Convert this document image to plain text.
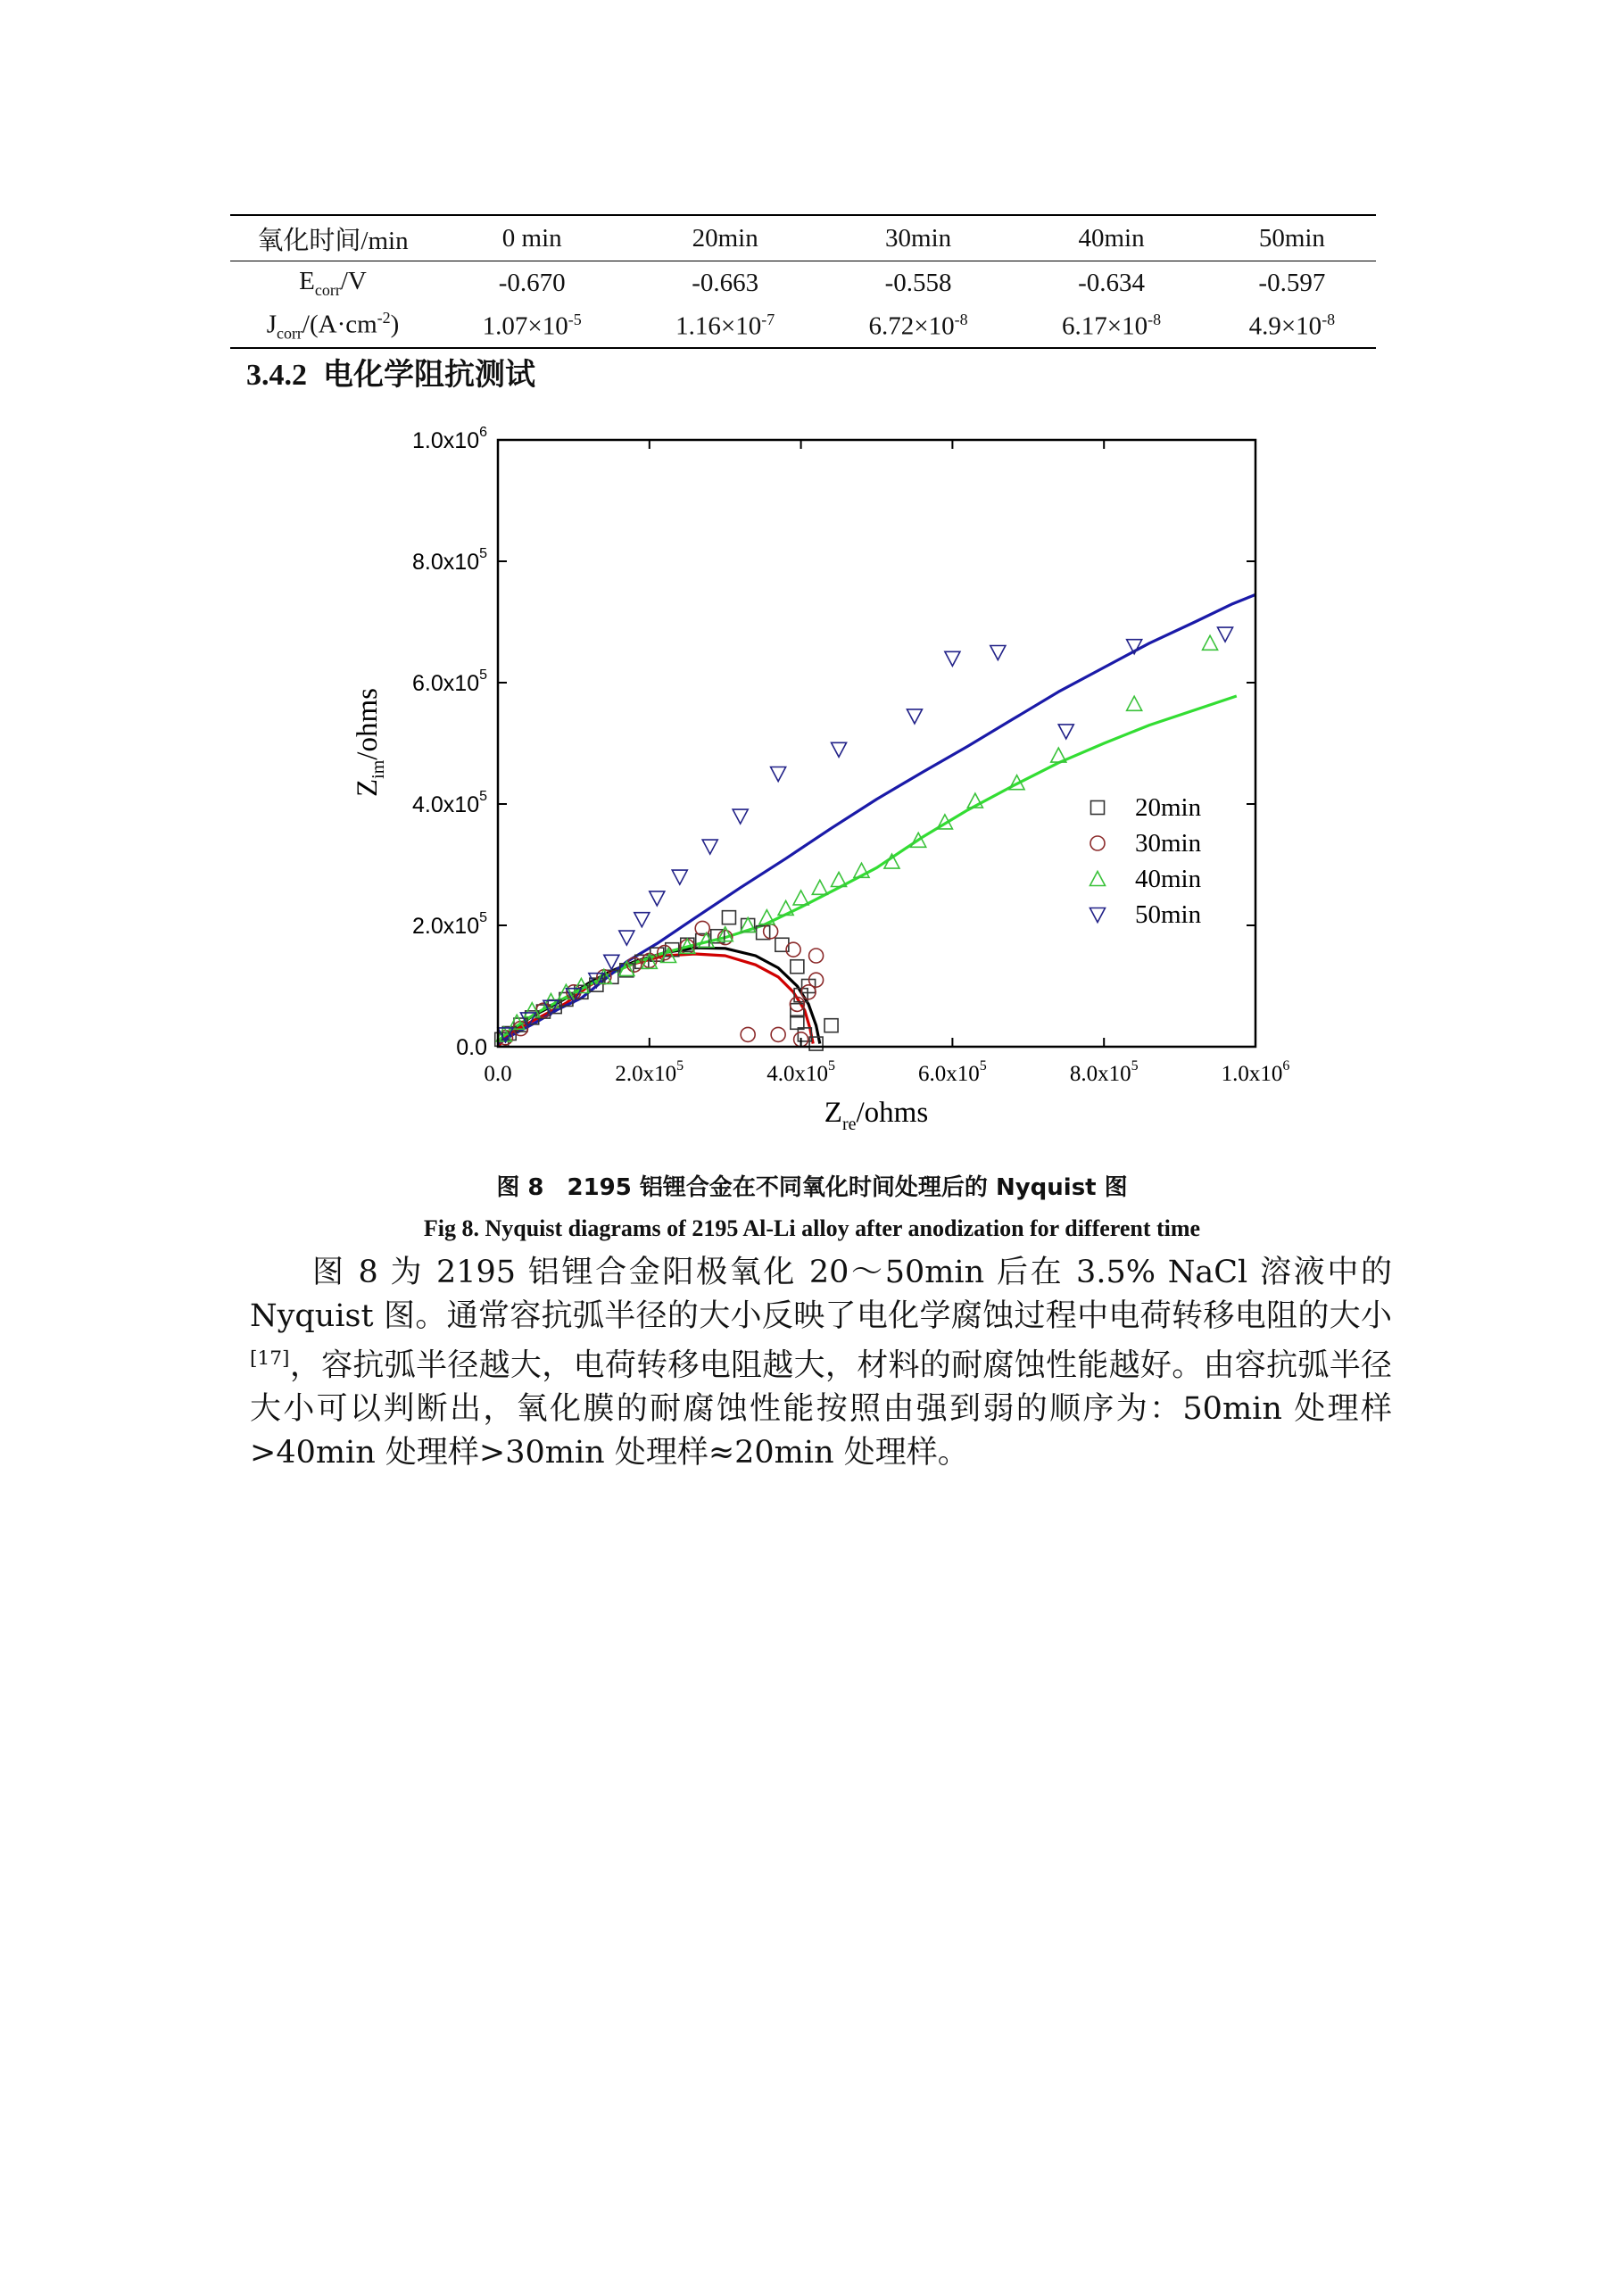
氧化时间/min	0 min	20min	30min	40min	50min
$E_{corr}/V$	-0.670	-0.663	-0.558	-0.634	-0.597
$J_{corr}/(A\cdot cm^{-2})$	$1.07\times 10^{-5}$	$1.16\times 10^{-7}$	$6.72\times 10^{-8}$	$6.17\times 10^{-8}$	$4.9\times 10^{-8}$
3.4.2 电化学阻抗测试
0.0
$2.0x10^5$
$4.0x10^5$
$6.0x10^5$
$8.0x10^5$
$1.0x10^6$
0.0	$2.0x10^5$	$4.0x10^5$	$6.0x10^5$	$8.0x10^5$	$1.0x10^6$
$Z_{im}$/ohms
$Z_{re}$/ohms
20min
30min
40min
50min
图 8　2195 铝锂合金在不同氧化时间处理后的 Nyquist 图
Fig 8. Nyquist diagrams of 2195 Al-Li alloy after anodization for different time
图 8 为 2195 铝锂合金阳极氧化 20～50min 后在 3.5% NaCl 溶液中的 Nyquist 图。通常容抗弧半径的大小反映了电化学腐蚀过程中电荷转移电阻的大小[17]，容抗弧半径越大，电荷转移电阻越大，材料的耐腐蚀性能越好。由容抗弧半径大小可以判断出，氧化膜的耐腐蚀性能按照由强到弱的顺序为：50min 处理样>40min 处理样>30min 处理样≈20min 处理样。
